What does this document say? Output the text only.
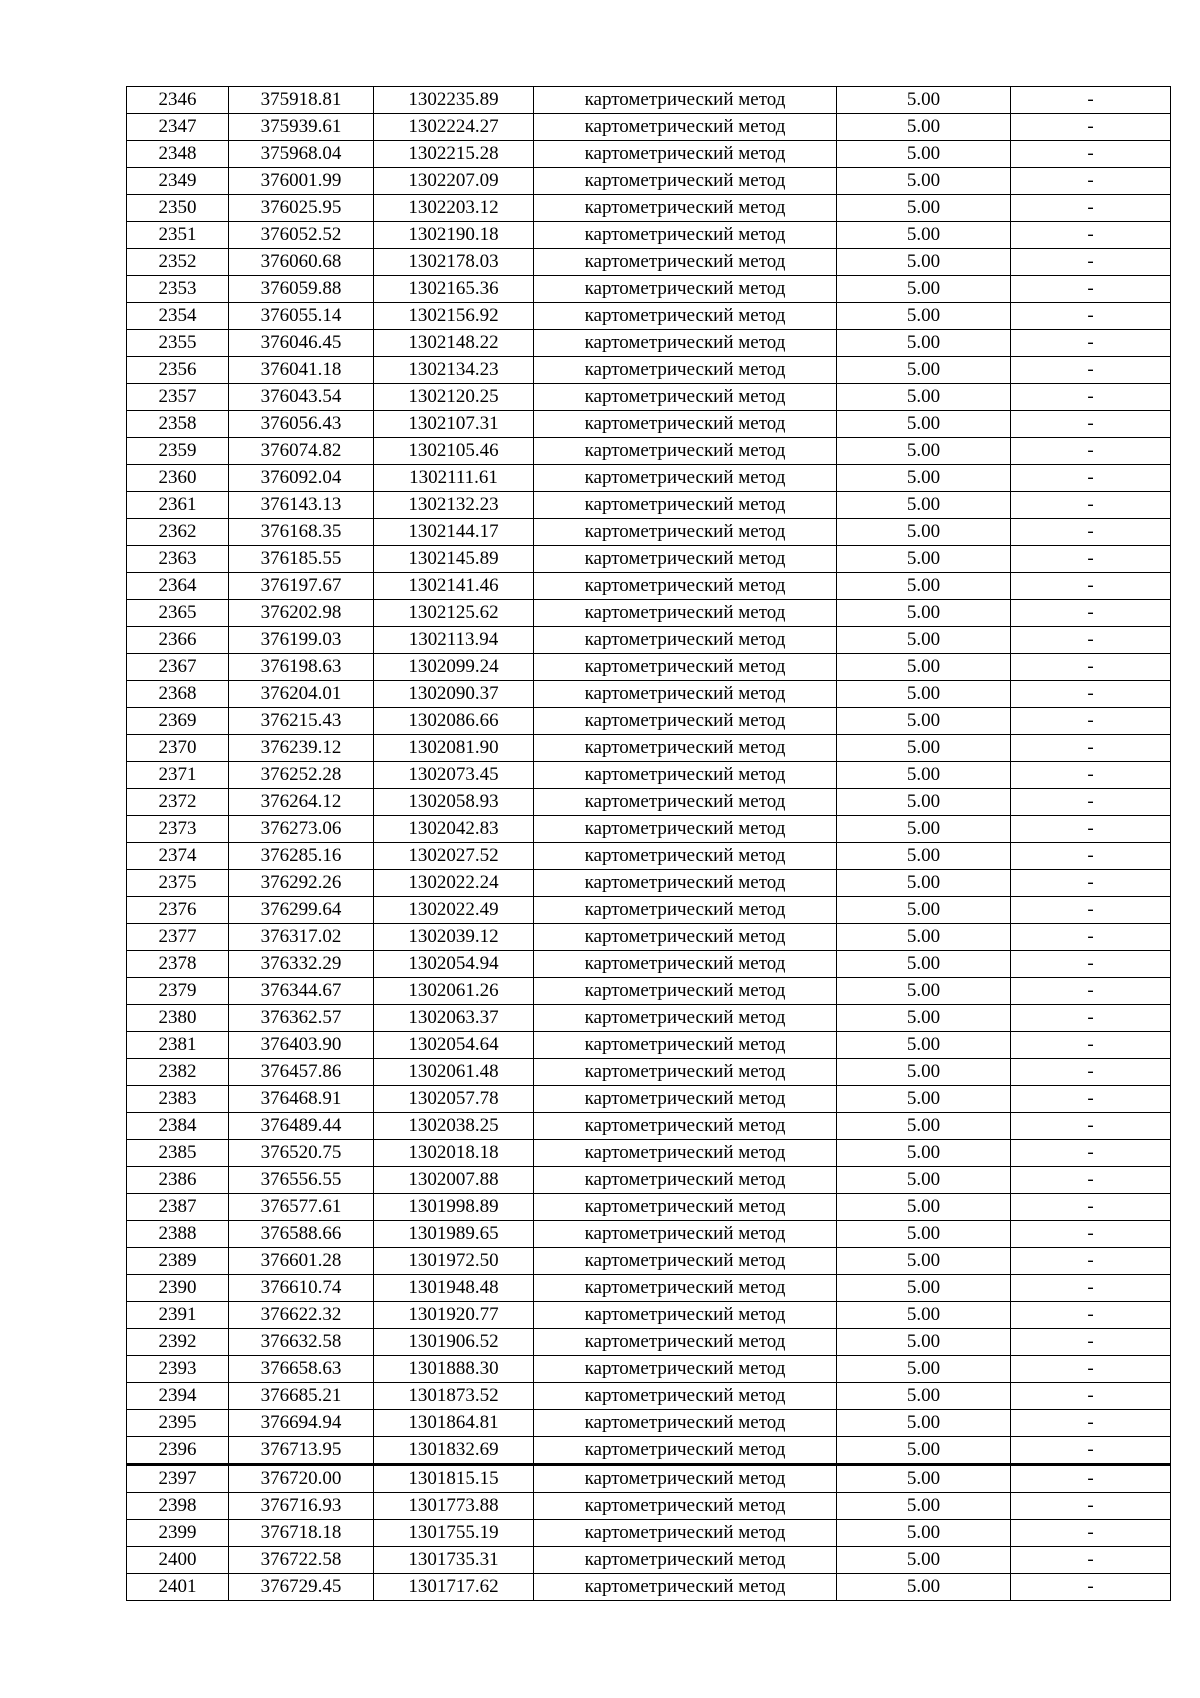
2346	375918.81	1302235.89	картометрический метод	5.00	-
2347	375939.61	1302224.27	картометрический метод	5.00	-
2348	375968.04	1302215.28	картометрический метод	5.00	-
2349	376001.99	1302207.09	картометрический метод	5.00	-
2350	376025.95	1302203.12	картометрический метод	5.00	-
2351	376052.52	1302190.18	картометрический метод	5.00	-
2352	376060.68	1302178.03	картометрический метод	5.00	-
2353	376059.88	1302165.36	картометрический метод	5.00	-
2354	376055.14	1302156.92	картометрический метод	5.00	-
2355	376046.45	1302148.22	картометрический метод	5.00	-
2356	376041.18	1302134.23	картометрический метод	5.00	-
2357	376043.54	1302120.25	картометрический метод	5.00	-
2358	376056.43	1302107.31	картометрический метод	5.00	-
2359	376074.82	1302105.46	картометрический метод	5.00	-
2360	376092.04	1302111.61	картометрический метод	5.00	-
2361	376143.13	1302132.23	картометрический метод	5.00	-
2362	376168.35	1302144.17	картометрический метод	5.00	-
2363	376185.55	1302145.89	картометрический метод	5.00	-
2364	376197.67	1302141.46	картометрический метод	5.00	-
2365	376202.98	1302125.62	картометрический метод	5.00	-
2366	376199.03	1302113.94	картометрический метод	5.00	-
2367	376198.63	1302099.24	картометрический метод	5.00	-
2368	376204.01	1302090.37	картометрический метод	5.00	-
2369	376215.43	1302086.66	картометрический метод	5.00	-
2370	376239.12	1302081.90	картометрический метод	5.00	-
2371	376252.28	1302073.45	картометрический метод	5.00	-
2372	376264.12	1302058.93	картометрический метод	5.00	-
2373	376273.06	1302042.83	картометрический метод	5.00	-
2374	376285.16	1302027.52	картометрический метод	5.00	-
2375	376292.26	1302022.24	картометрический метод	5.00	-
2376	376299.64	1302022.49	картометрический метод	5.00	-
2377	376317.02	1302039.12	картометрический метод	5.00	-
2378	376332.29	1302054.94	картометрический метод	5.00	-
2379	376344.67	1302061.26	картометрический метод	5.00	-
2380	376362.57	1302063.37	картометрический метод	5.00	-
2381	376403.90	1302054.64	картометрический метод	5.00	-
2382	376457.86	1302061.48	картометрический метод	5.00	-
2383	376468.91	1302057.78	картометрический метод	5.00	-
2384	376489.44	1302038.25	картометрический метод	5.00	-
2385	376520.75	1302018.18	картометрический метод	5.00	-
2386	376556.55	1302007.88	картометрический метод	5.00	-
2387	376577.61	1301998.89	картометрический метод	5.00	-
2388	376588.66	1301989.65	картометрический метод	5.00	-
2389	376601.28	1301972.50	картометрический метод	5.00	-
2390	376610.74	1301948.48	картометрический метод	5.00	-
2391	376622.32	1301920.77	картометрический метод	5.00	-
2392	376632.58	1301906.52	картометрический метод	5.00	-
2393	376658.63	1301888.30	картометрический метод	5.00	-
2394	376685.21	1301873.52	картометрический метод	5.00	-
2395	376694.94	1301864.81	картометрический метод	5.00	-
2396	376713.95	1301832.69	картометрический метод	5.00	-
2397	376720.00	1301815.15	картометрический метод	5.00	-
2398	376716.93	1301773.88	картометрический метод	5.00	-
2399	376718.18	1301755.19	картометрический метод	5.00	-
2400	376722.58	1301735.31	картометрический метод	5.00	-
2401	376729.45	1301717.62	картометрический метод	5.00	-
